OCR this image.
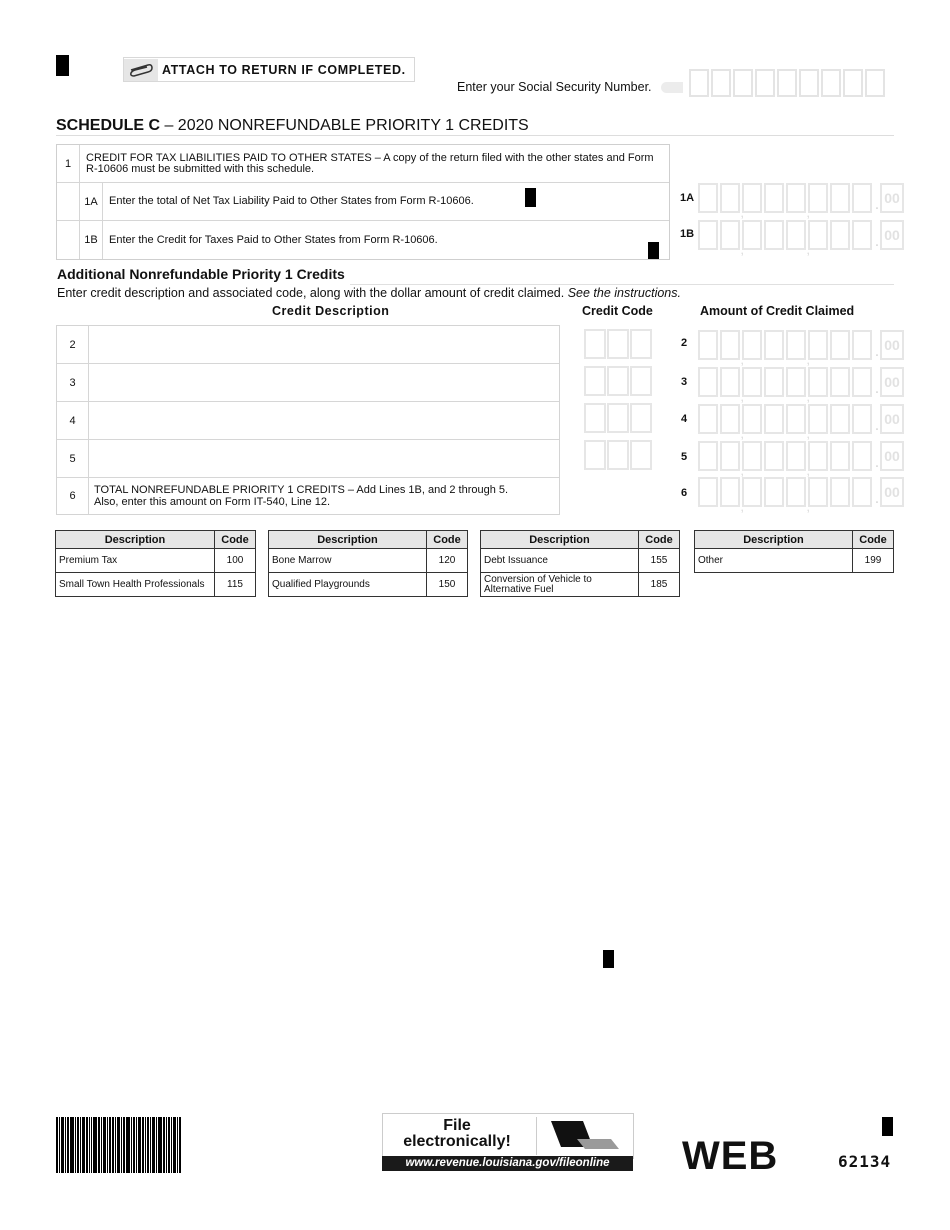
ATTACH TO RETURN IF COMPLETED.
Enter your Social Security Number.
SCHEDULE C – 2020 NONREFUNDABLE PRIORITY 1 CREDITS
1	CREDIT FOR TAX LIABILITIES PAID TO OTHER STATES – A copy of the return filed with the other states and Form R-10606 must be submitted with this schedule.
1A	Enter the total of Net Tax Liability Paid to Other States from Form R-10606.
1B	Enter the Credit for Taxes Paid to Other States from Form R-10606.
1A
1B
,
,
. 00
,
,
. 00
Additional Nonrefundable Priority 1 Credits
Enter credit description and associated code, along with the dollar amount of credit claimed. See the instructions.
Credit Description	Credit Code	Amount of Credit Claimed
2
3
4
5
6	TOTAL NONREFUNDABLE PRIORITY 1 CREDITS – Add Lines 1B, and 2 through 5.
Also, enter this amount on Form IT-540, Line 12.
2
3
4
5
6
,
,
. 00
,
,
. 00
,
,
. 00
,
,
. 00
,
,
. 00
Description	Code
Premium Tax	100
Small Town Health Professionals	115
Description	Code
Bone Marrow	120
Qualified Playgrounds	150
Description	Code
Debt Issuance	155
Conversion of Vehicle to Alternative Fuel	185
Description	Code
Other	199
File
electronically!
www.revenue.louisiana.gov/fileonline	WEB	62134
